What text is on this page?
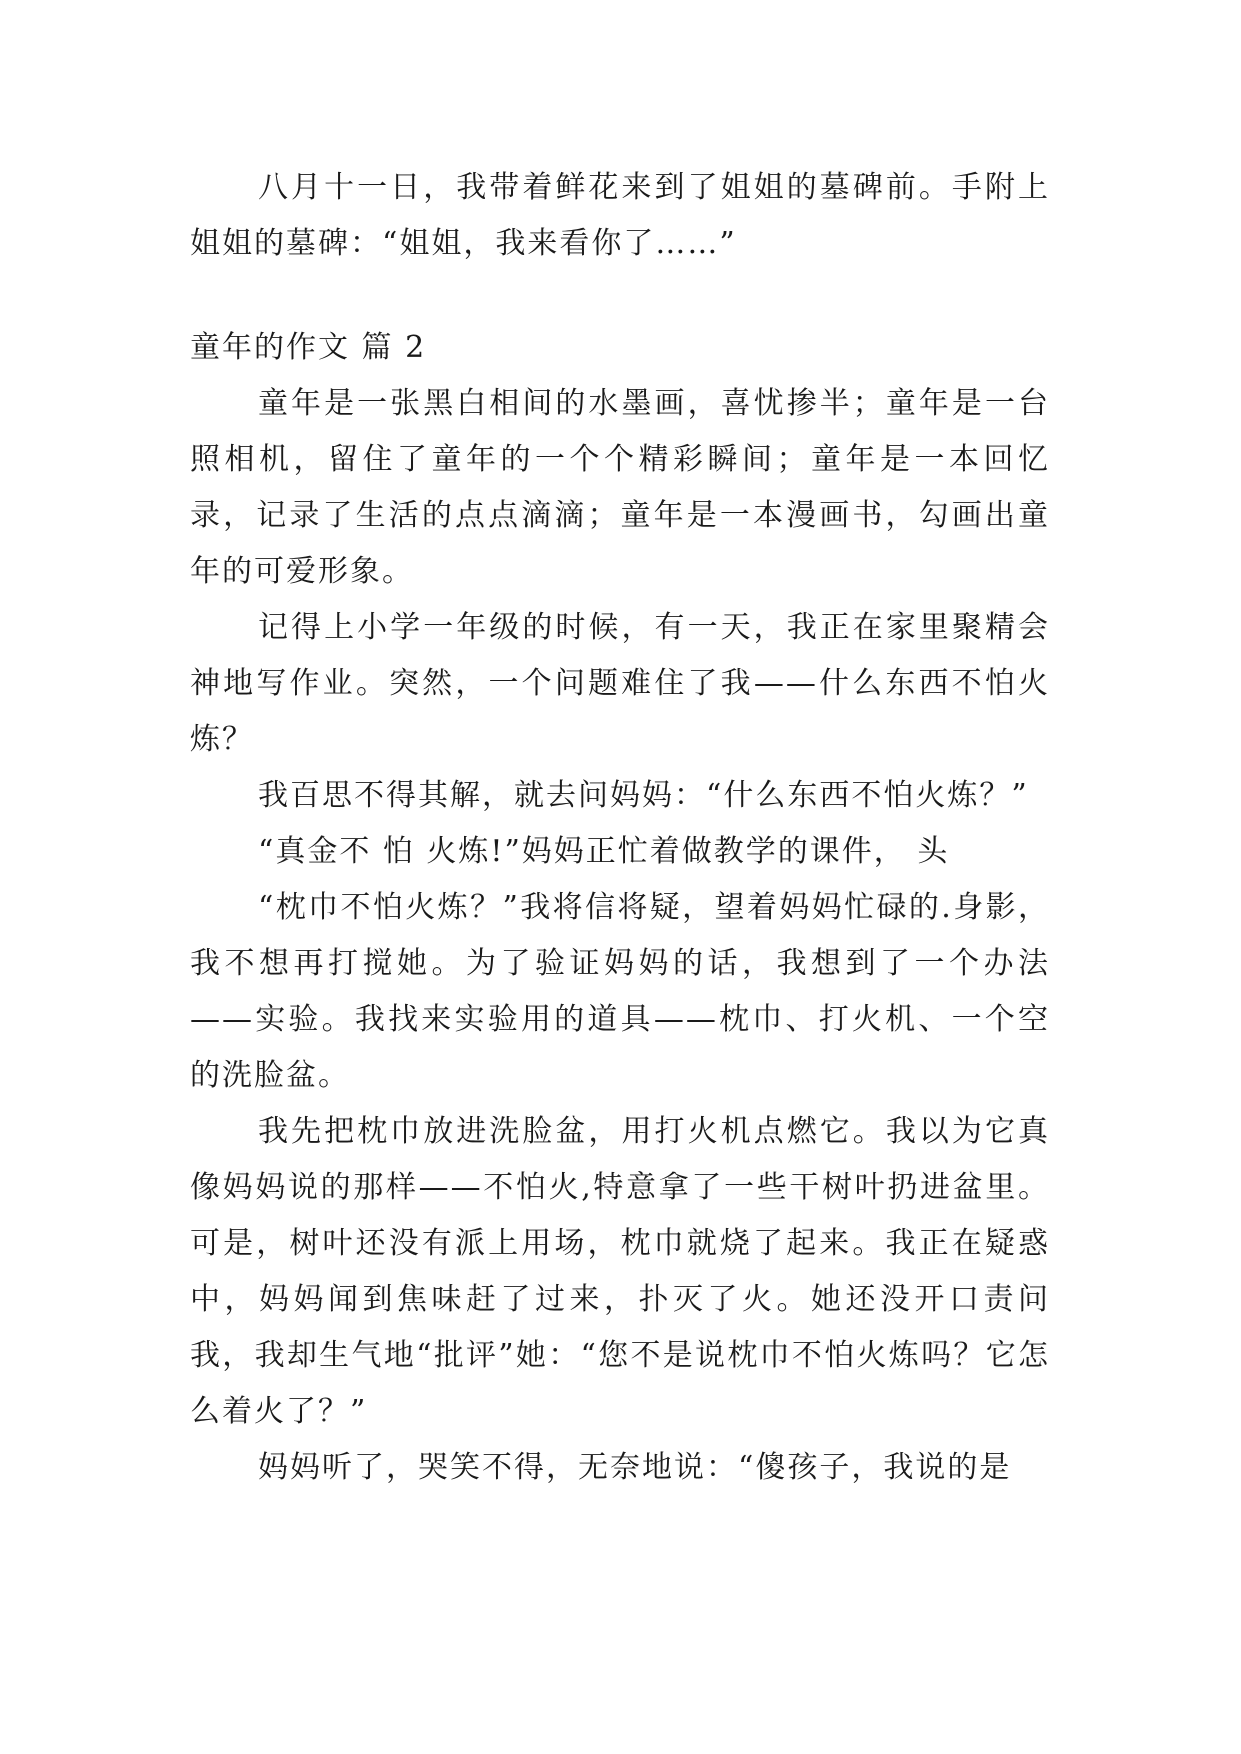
八月十一日，我带着鲜花来到了姐姐的墓碑前。手附上姐姐的墓碑：“姐姐，我来看你了……”

童年的作文 篇 2

童年是一张黑白相间的水墨画，喜忧掺半；童年是一台照相机，留住了童年的一个个精彩瞬间；童年是一本回忆录，记录了生活的点点滴滴；童年是一本漫画书，勾画出童年的可爱形象。

记得上小学一年级的时候，有一天，我正在家里聚精会神地写作业。突然，一个问题难住了我——什么东西不怕火炼？

我百思不得其解，就去问妈妈：“什么东西不怕火炼？”

“真金不 怕 火炼!”妈妈正忙着做教学的课件， 头

“枕巾不怕火炼？”我将信将疑，望着妈妈忙碌的.身影，我不想再打搅她。为了验证妈妈的话，我想到了一个办法——实验。我找来实验用的道具——枕巾、打火机、一个空的洗脸盆。

我先把枕巾放进洗脸盆，用打火机点燃它。我以为它真像妈妈说的那样——不怕火,特意拿了一些干树叶扔进盆里。可是，树叶还没有派上用场，枕巾就烧了起来。我正在疑惑中，妈妈闻到焦味赶了过来，扑灭了火。她还没开口责问我，我却生气地“批评”她：“您不是说枕巾不怕火炼吗？它怎么着火了？”

妈妈听了，哭笑不得，无奈地说：“傻孩子，我说的是
